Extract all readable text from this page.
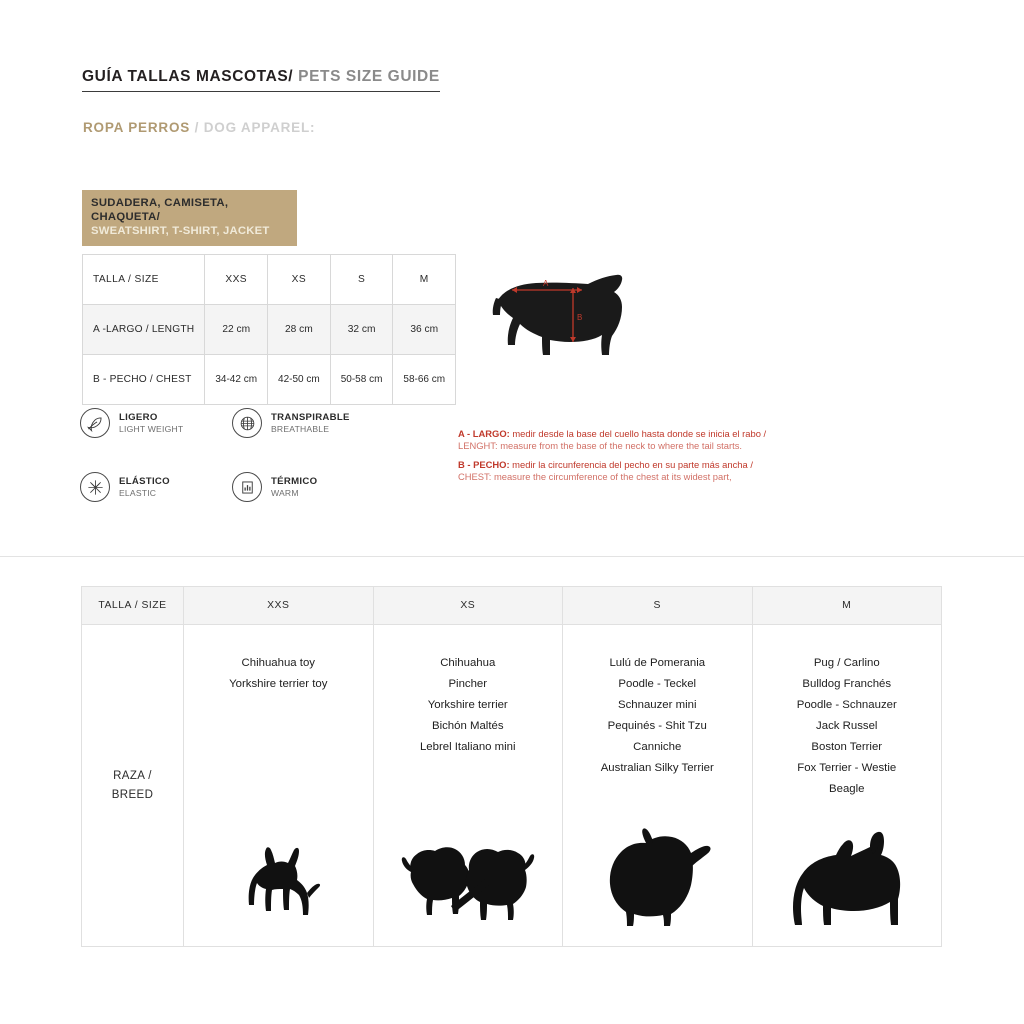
GUÍA TALLAS MASCOTAS/ PETS SIZE GUIDE
ROPA PERROS / DOG APPAREL:
SUDADERA, CAMISETA, CHAQUETA/
SWEATSHIRT, T-SHIRT, JACKET
TALLA / SIZE	XXS	XS	S	M
A -LARGO / LENGTH	22 cm	28 cm	32 cm	36 cm
B - PECHO / CHEST	34-42 cm	42-50 cm	50-58 cm	58-66 cm
LIGERO
LIGHT WEIGHT
TRANSPIRABLE
BREATHABLE
ELÁSTICO
ELASTIC
TÉRMICO
WARM
A
B
A - LARGO: medir desde la base del cuello hasta donde se inicia el rabo /
LENGHT: measure from the base of the neck to where the tail starts.
B - PECHO: medir la circunferencia del pecho en su parte más ancha /
CHEST: measure the circumference of the chest at its widest part,
TALLA / SIZE	XXS	XS	S	M

RAZA /
BREED

Chihuahua toy
Yorkshire terrier toy

Chihuahua
Pincher
Yorkshire terrier
Bichón Maltés
Lebrel Italiano mini

Lulú de Pomerania
Poodle - Teckel
Schnauzer mini
Pequinés - Shit Tzu
Canniche
Australian Silky Terrier

Pug / Carlino
Bulldog Franchés
Poodle - Schnauzer
Jack Russel
Boston Terrier
Fox Terrier - Westie
Beagle
